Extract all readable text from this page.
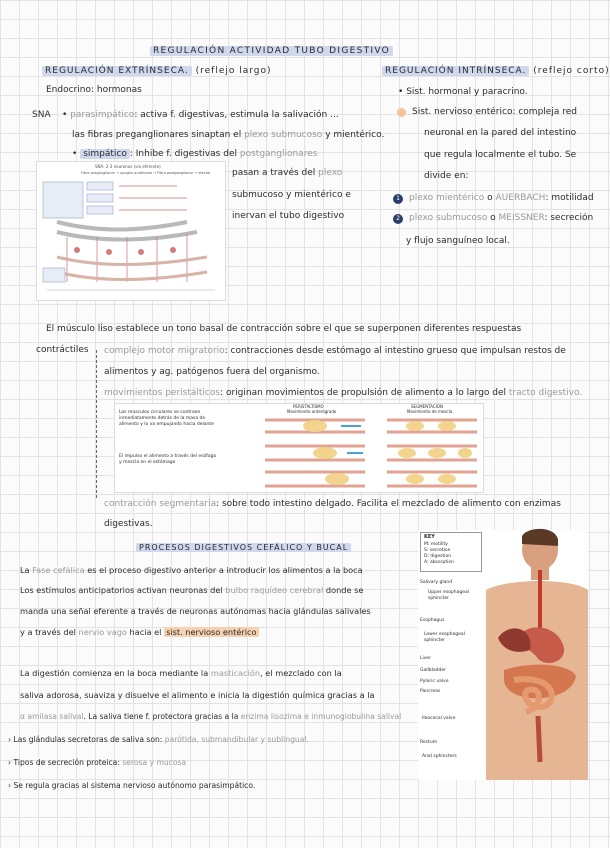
REGULACIÓN ACTIVIDAD TUBO DIGESTIVO
REGULACIÓN EXTRÍNSECA. (reflejo largo)
Endocrino: hormonas
SNA • parasimpático: activa f. digestivas, estimula la salivación ...
las fibras preganglionares sinaptan el plexo submucoso y mientérico.
• simpático : Inhibe f. digestivas del postganglionares
pasan a través del plexo
submucoso y mientérico e
inervan el tubo digestivo
SNA: 2-3 neuronas (vía eferente)
Fibra preganglionar → ganglio autónomo → Fibra postganglionar → efector
REGULACIÓN INTRÍNSECA. (reflejo corto)
• Sist. hormonal y paracrino.
Sist. nervioso entérico: compleja red
neuronal en la pared del intestino
que regula localmente el tubo. Se
divide en:
1	plexo mientérico o AUERBACH: motilidad
2	plexo submucoso o MEISSNER: secreción
y flujo sanguíneo local.
El músculo liso establece un tono basal de contracción sobre el que se superponen diferentes respuestas
contráctiles complejo motor migratorio: contracciones desde estómago al intestino grueso que impulsan restos de
alimentos y ag. patógenos fuera del organismo.
movimientos peristálticos: originan movimientos de propulsión de alimento a lo largo del tracto digestivo.
Los músculos circulares se contraen inmediatamente detrás de la masa de alimento y lo va empujando hacia delante
El impulso el alimento a través del esófago y mezcla en el estómago
PERISTALTISMO
Movimiento anterógrado
SEGMENTACIÓN
Movimiento de mezcla
contracción segmentaria: sobre todo intestino delgado. Facilita el mezclado de alimento con enzimas
digestivas.
PROCESOS DIGESTIVOS CEFÁLICO Y BUCAL
La Fase cefálica es el proceso digestivo anterior a introducir los alimentos a la boca
Los estímulos anticipatorios activan neuronas del bulbo raquídeo cerebral donde se
manda una señal eferente a través de neuronas autónomas hacia glándulas salivales
y a través del nervio vago hacia el sist. nervioso entérico
La digestión comienza en la boca mediante la masticación, el mezclado con la
saliva adorosa, suaviza y disuelve el alimento e inicia la digestión química gracias a la
α amilasa salival. La saliva tiene f. protectora gracias a la enzima lisozima e inmunoglobulina salival
› Las glándulas secretoras de saliva son: parótida, submandibular y sublingual.
› Tipos de secreción proteica: serosa y mucosa
› Se regula gracias al sistema nervioso autónomo parasimpático.
KEY
M: motility
S: secretion
D: digestion
A: absorption
Salivary gland
Upper esophageal sphincter
Esophagus
Lower esophageal sphincter
Liver
Gallbladder
Pyloric valve
Pancreas
Ileocecal valve
Rectum
Anal sphincters
